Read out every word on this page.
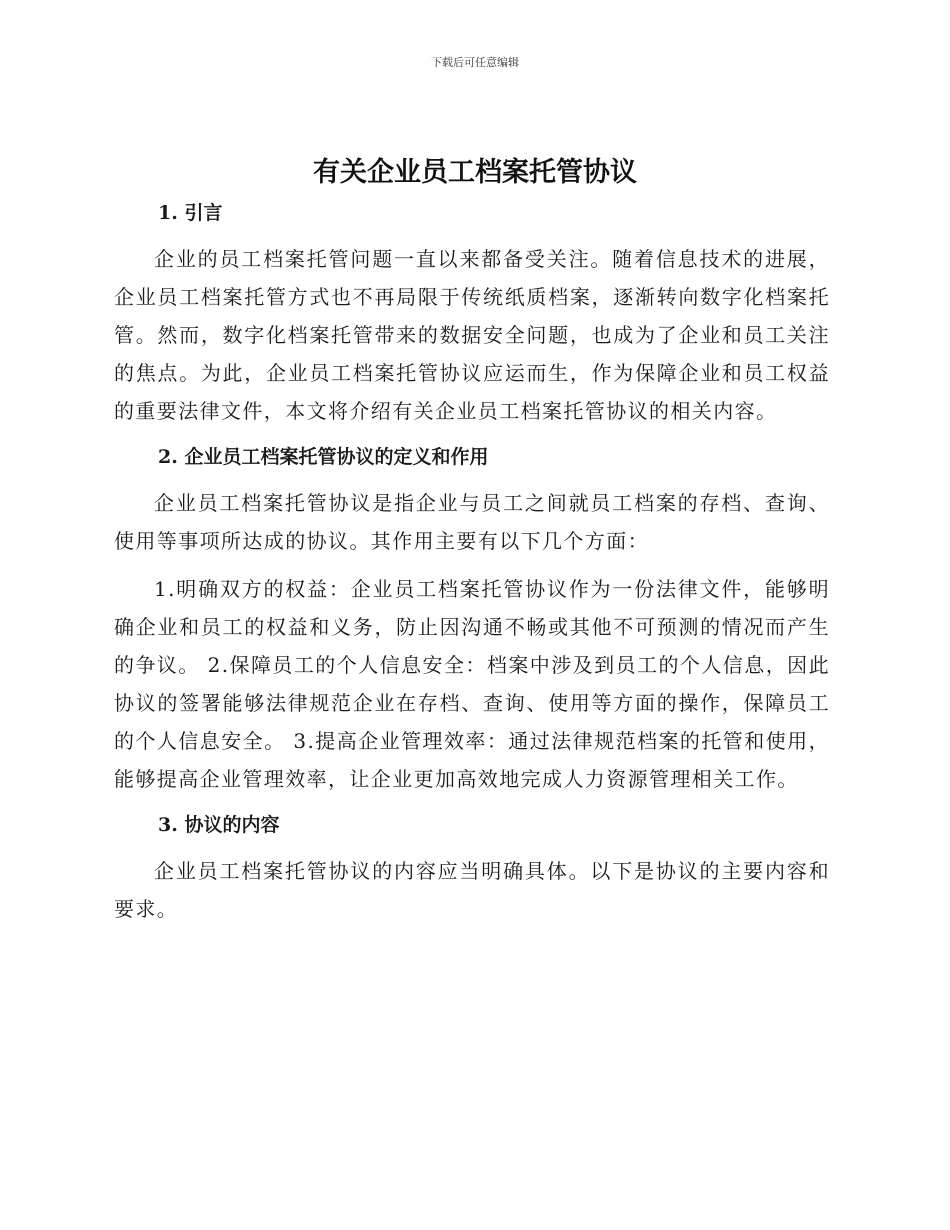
下载后可任意编辑
有关企业员工档案托管协议
1. 引言

企业的员工档案托管问题一直以来都备受关注。随着信息技术的进展，企业员工档案托管方式也不再局限于传统纸质档案，逐渐转向数字化档案托管。然而，数字化档案托管带来的数据安全问题，也成为了企业和员工关注的焦点。为此，企业员工档案托管协议应运而生，作为保障企业和员工权益的重要法律文件，本文将介绍有关企业员工档案托管协议的相关内容。

2. 企业员工档案托管协议的定义和作用

企业员工档案托管协议是指企业与员工之间就员工档案的存档、查询、使用等事项所达成的协议。其作用主要有以下几个方面：

1.明确双方的权益：企业员工档案托管协议作为一份法律文件，能够明确企业和员工的权益和义务，防止因沟通不畅或其他不可预测的情况而产生的争议。 2.保障员工的个人信息安全：档案中涉及到员工的个人信息，因此协议的签署能够法律规范企业在存档、查询、使用等方面的操作，保障员工的个人信息安全。 3.提高企业管理效率：通过法律规范档案的托管和使用，能够提高企业管理效率，让企业更加高效地完成人力资源管理相关工作。

3. 协议的内容

企业员工档案托管协议的内容应当明确具体。以下是协议的主要内容和要求。
